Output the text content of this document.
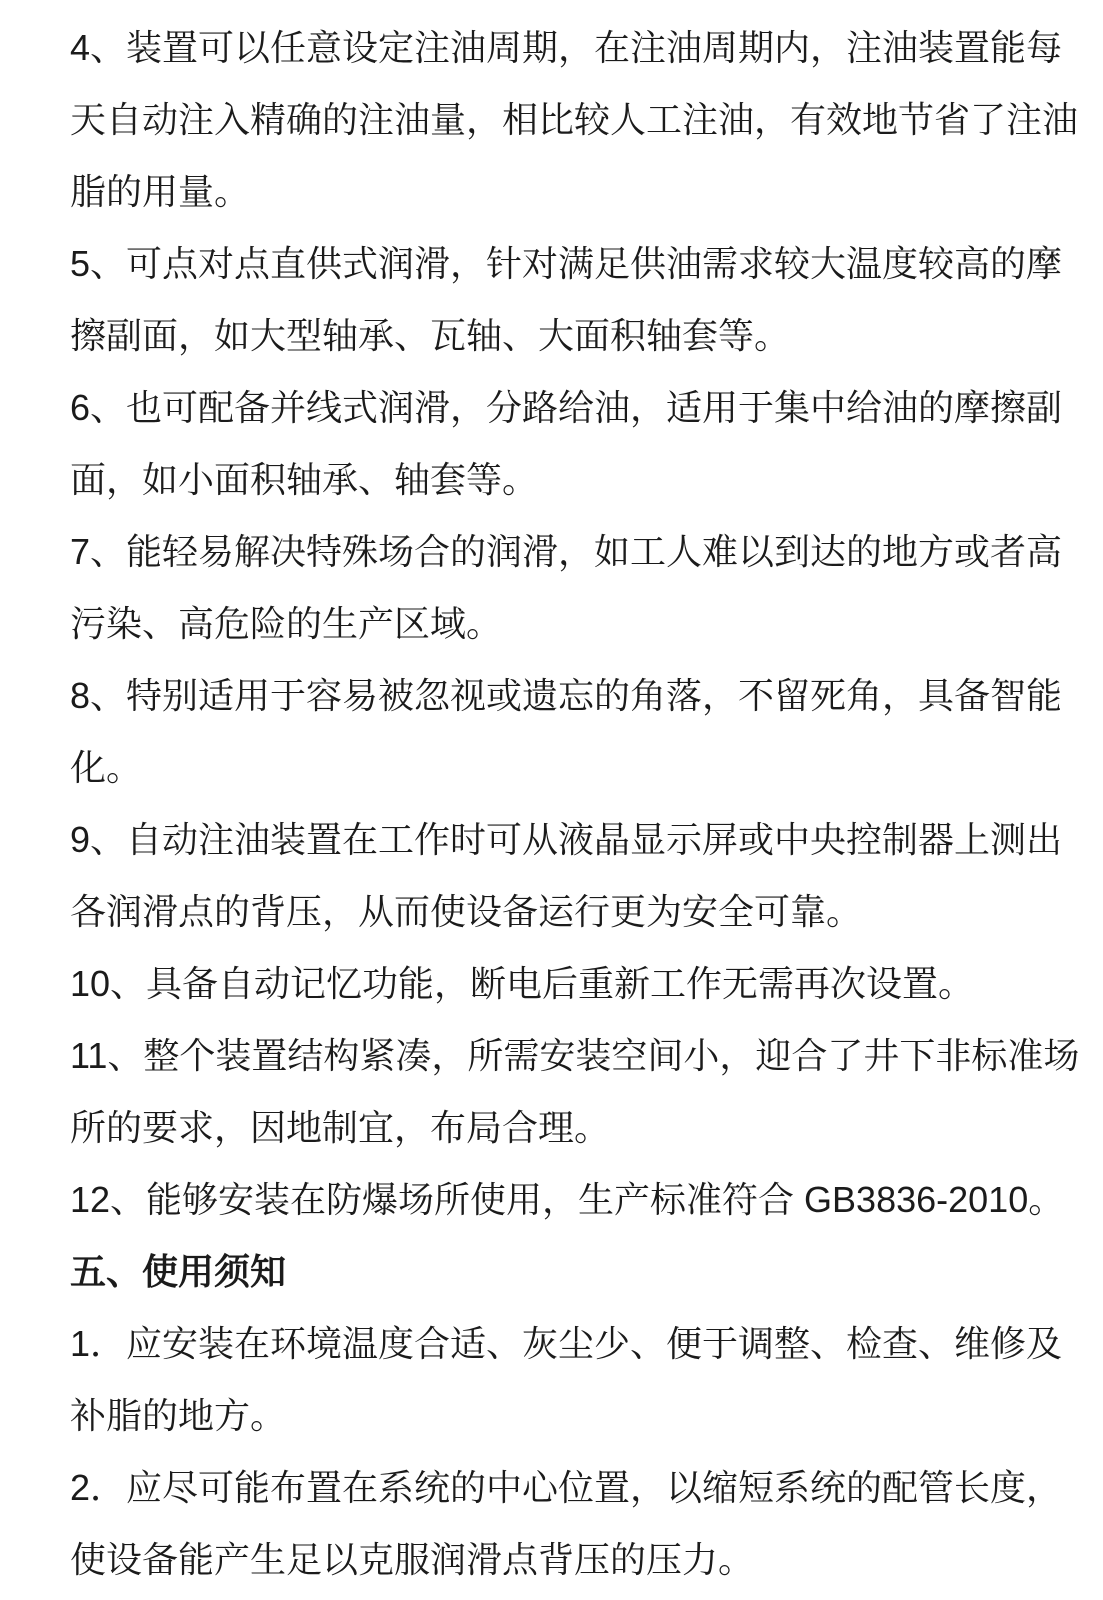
4、装置可以任意设定注油周期，在注油周期内，注油装置能每
天自动注入精确的注油量，相比较人工注油，有效地节省了注油
脂的用量。
5、可点对点直供式润滑，针对满足供油需求较大温度较高的摩
擦副面，如大型轴承、瓦轴、大面积轴套等。
6、也可配备并线式润滑，分路给油，适用于集中给油的摩擦副
面，如小面积轴承、轴套等。
7、能轻易解决特殊场合的润滑，如工人难以到达的地方或者高
污染、高危险的生产区域。
8、特别适用于容易被忽视或遗忘的角落，不留死角，具备智能
化。
9、自动注油装置在工作时可从液晶显示屏或中央控制器上测出
各润滑点的背压，从而使设备运行更为安全可靠。
10、具备自动记忆功能，断电后重新工作无需再次设置。
11、整个装置结构紧凑，所需安装空间小，迎合了井下非标准场
所的要求，因地制宜，布局合理。
12、能够安装在防爆场所使用，生产标准符合 GB3836-2010。
五、使用须知
1．应安装在环境温度合适、灰尘少、便于调整、检查、维修及
补脂的地方。
2．应尽可能布置在系统的中心位置，以缩短系统的配管长度，
使设备能产生足以克服润滑点背压的压力。
